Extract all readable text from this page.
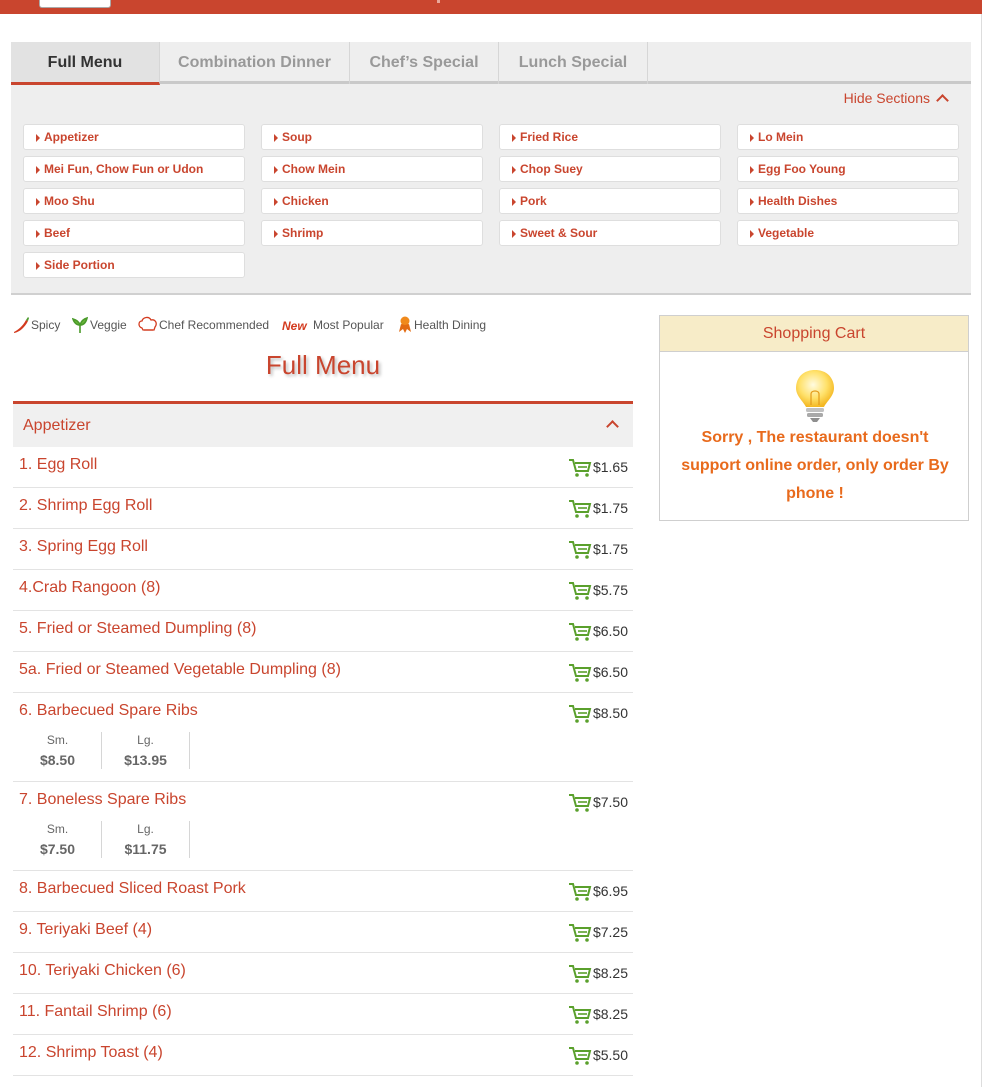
Full Menu	Combination Dinner	Chef’s Special	Lunch Special
Hide Sections
Appetizer	Soup	Fried Rice	Lo Mein
Mei Fun, Chow Fun or Udon	Chow Mein	Chop Suey	Egg Foo Young
Moo Shu	Chicken	Pork	Health Dishes
Beef	Shrimp	Sweet & Sour	Vegetable
Side Portion
Spicy	Veggie	Chef Recommended New Most Popular	Health Dining
Full Menu
Appetizer
1. Egg Roll	$1.65
2. Shrimp Egg Roll	$1.75
3. Spring Egg Roll	$1.75
4.Crab Rangoon (8)	$5.75
5. Fried or Steamed Dumpling (8)	$6.50
5a. Fried or Steamed Vegetable Dumpling (8)	$6.50
6. Barbecued Spare Ribs	$8.50
Sm.
$8.50
Lg.
$13.95
7. Boneless Spare Ribs	$7.50
Sm.
$7.50
Lg.
$11.75
8. Barbecued Sliced Roast Pork	$6.95
9. Teriyaki Beef (4)	$7.25
10. Teriyaki Chicken (6)	$8.25
11. Fantail Shrimp (6)	$8.25
12. Shrimp Toast (4)	$5.50
Shopping Cart
Sorry , The restaurant doesn't support online order, only order By phone !
